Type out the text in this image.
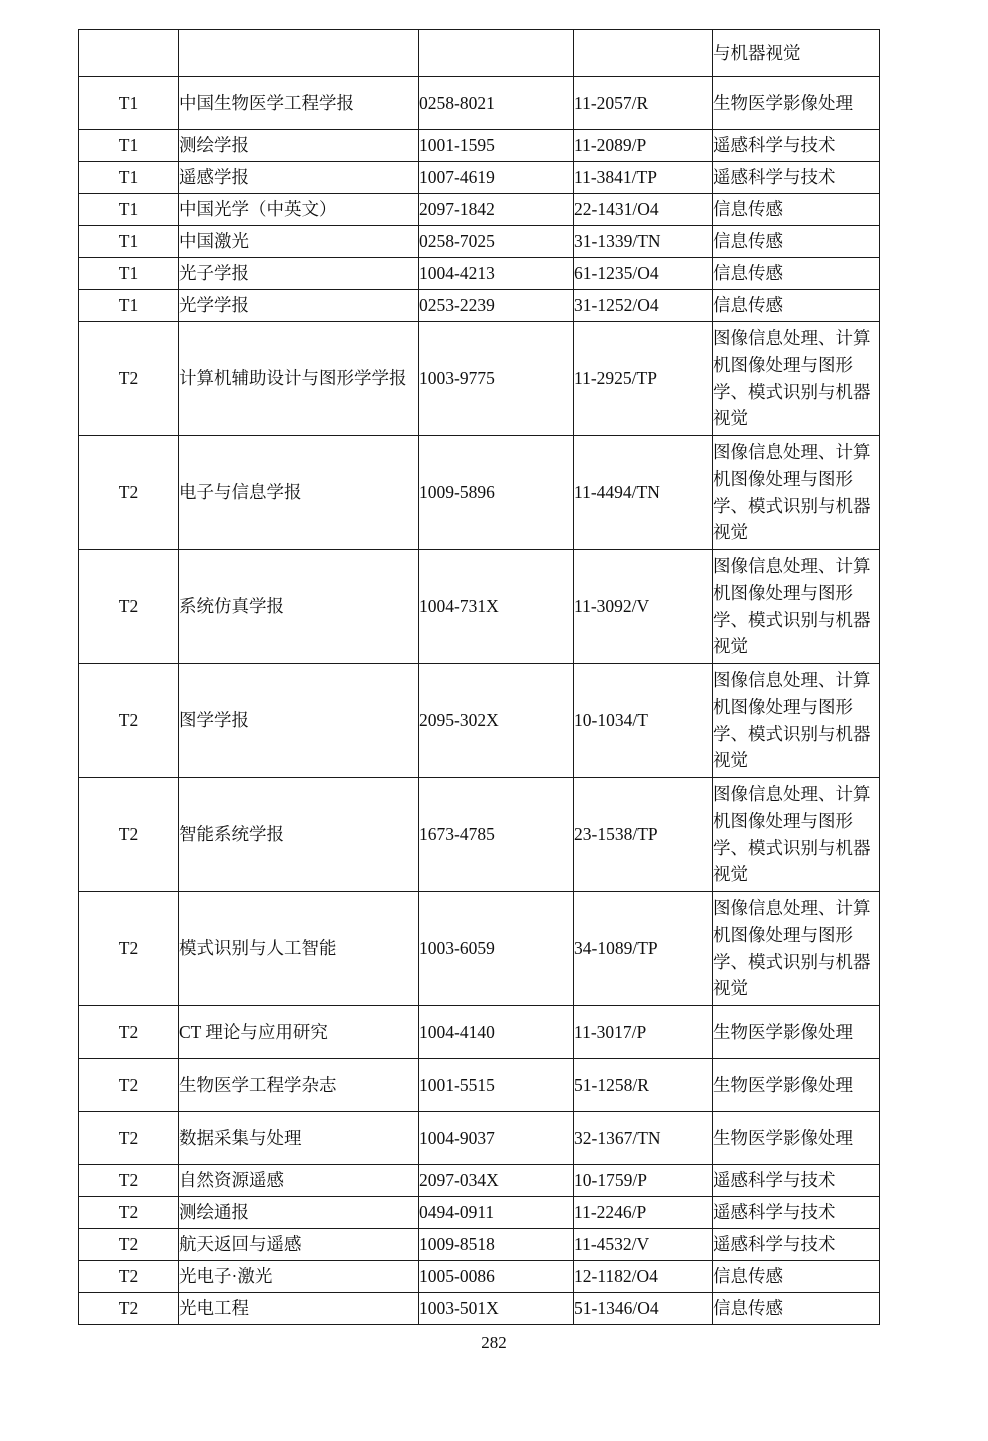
				与机器视觉

T1	中国生物医学工程学报	0258-8021	11-2057/R	生物医学影像处理

T1	测绘学报	1001-1595	11-2089/P	遥感科学与技术

T1	遥感学报	1007-4619	11-3841/TP	遥感科学与技术

T1	中国光学（中英文）	2097-1842	22-1431/O4	信息传感

T1	中国激光	0258-7025	31-1339/TN	信息传感

T1	光子学报	1004-4213	61-1235/O4	信息传感

T1	光学学报	0253-2239	31-1252/O4	信息传感

T2	计算机辅助设计与图形学学报	1003-9775	11-2925/TP	图像信息处理、计算机图像处理与图形学、模式识别与机器视觉

T2	电子与信息学报	1009-5896	11-4494/TN	图像信息处理、计算机图像处理与图形学、模式识别与机器视觉

T2	系统仿真学报	1004-731X	11-3092/V	图像信息处理、计算机图像处理与图形学、模式识别与机器视觉

T2	图学学报	2095-302X	10-1034/T	图像信息处理、计算机图像处理与图形学、模式识别与机器视觉

T2	智能系统学报	1673-4785	23-1538/TP	图像信息处理、计算机图像处理与图形学、模式识别与机器视觉

T2	模式识别与人工智能	1003-6059	34-1089/TP	图像信息处理、计算机图像处理与图形学、模式识别与机器视觉

T2	CT 理论与应用研究	1004-4140	11-3017/P	生物医学影像处理

T2	生物医学工程学杂志	1001-5515	51-1258/R	生物医学影像处理

T2	数据采集与处理	1004-9037	32-1367/TN	生物医学影像处理

T2	自然资源遥感	2097-034X	10-1759/P	遥感科学与技术

T2	测绘通报	0494-0911	11-2246/P	遥感科学与技术

T2	航天返回与遥感	1009-8518	11-4532/V	遥感科学与技术

T2	光电子·激光	1005-0086	12-1182/O4	信息传感

T2	光电工程	1003-501X	51-1346/O4	信息传感
282
